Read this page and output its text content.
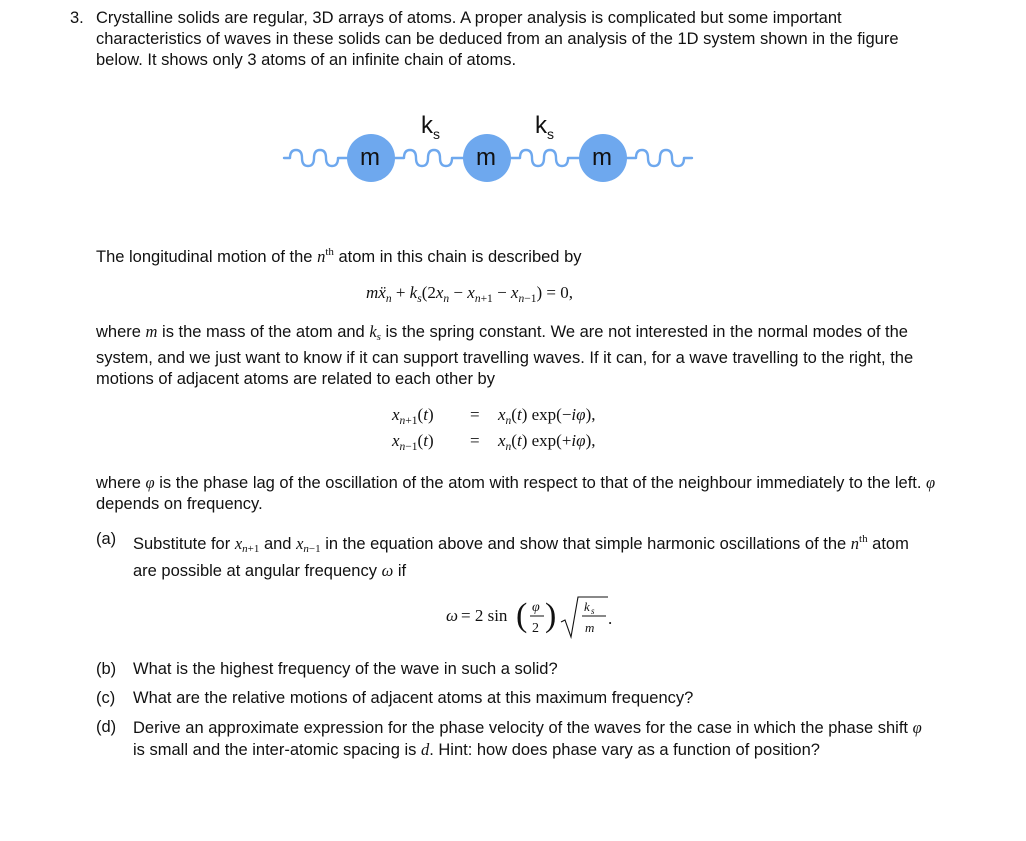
3. Crystalline solids are regular, 3D arrays of atoms. A proper analysis is complicated but some important characteristics of waves in these solids can be deduced from an analysis of the 1D system shown in the figure below. It shows only 3 atoms of an infinite chain of atoms.
m	m	m
$k_s$	$k_s$
The longitudinal motion of the $n^{th}$ atom in this chain is described by
$mẍ_n + k_s(2x_n - x_{n+1} - x_{n-1}) = 0$,
where m is the mass of the atom and ks is the spring constant. We are not interested in the normal modes of the system, and we just want to know if it can support travelling waves. If it can, for a wave travelling to the right, the motions of adjacent atoms are related to each other by
$x_{n+1}(t) = x_n(t)$ exp(−iφ),
$x_{n-1}(t) = x_n(t)$ exp(+iφ),
where φ is the phase lag of the oscillation of the atom with respect to that of the neighbour immediately to the left. φ depends on frequency.
(a) Substitute for xn+1 and xn−1 in the equation above and show that simple harmonic oscillations of the $n^{th}$ atom are possible at angular frequency ω if
ω = 2 sin ( φ
2 ) k s
m .
(b) What is the highest frequency of the wave in such a solid?
(c) What are the relative motions of adjacent atoms at this maximum frequency?
(d) Derive an approximate expression for the phase velocity of the waves for the case in which the phase shift φ is small and the inter-atomic spacing is d. Hint: how does phase vary as a function of position?
